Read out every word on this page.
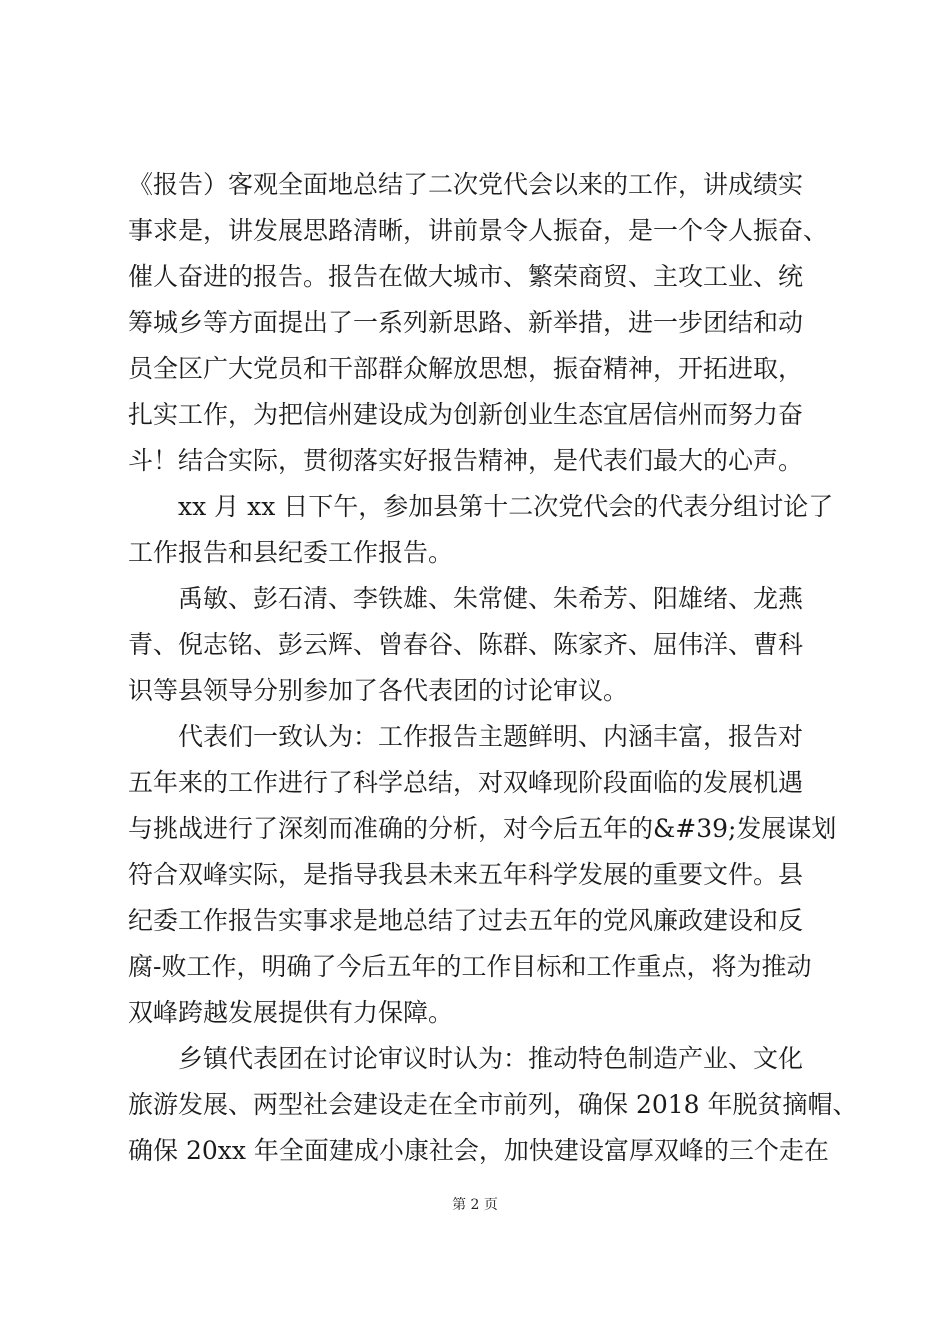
《报告）客观全面地总结了二次党代会以来的工作，讲成绩实
事求是，讲发展思路清晰，讲前景令人振奋，是一个令人振奋、
催人奋进的报告。报告在做大城市、繁荣商贸、主攻工业、统
筹城乡等方面提出了一系列新思路、新举措，进一步团结和动
员全区广大党员和干部群众解放思想，振奋精神，开拓进取，
扎实工作，为把信州建设成为创新创业生态宜居信州而努力奋
斗！结合实际，贯彻落实好报告精神，是代表们最大的心声。
xx 月 xx 日下午，参加县第十二次党代会的代表分组讨论了
工作报告和县纪委工作报告。
禹敏、彭石清、李铁雄、朱常健、朱希芳、阳雄绪、龙燕
青、倪志铭、彭云辉、曾春谷、陈群、陈家齐、屈伟洋、曹科
识等县领导分别参加了各代表团的讨论审议。
代表们一致认为：工作报告主题鲜明、内涵丰富，报告对
五年来的工作进行了科学总结，对双峰现阶段面临的发展机遇
与挑战进行了深刻而准确的分析，对今后五年的&#39;发展谋划
符合双峰实际，是指导我县未来五年科学发展的重要文件。县
纪委工作报告实事求是地总结了过去五年的党风廉政建设和反
腐-败工作，明确了今后五年的工作目标和工作重点，将为推动
双峰跨越发展提供有力保障。
乡镇代表团在讨论审议时认为：推动特色制造产业、文化
旅游发展、两型社会建设走在全市前列，确保 2018 年脱贫摘帽、
确保 20xx 年全面建成小康社会，加快建设富厚双峰的三个走在
第 2 页
